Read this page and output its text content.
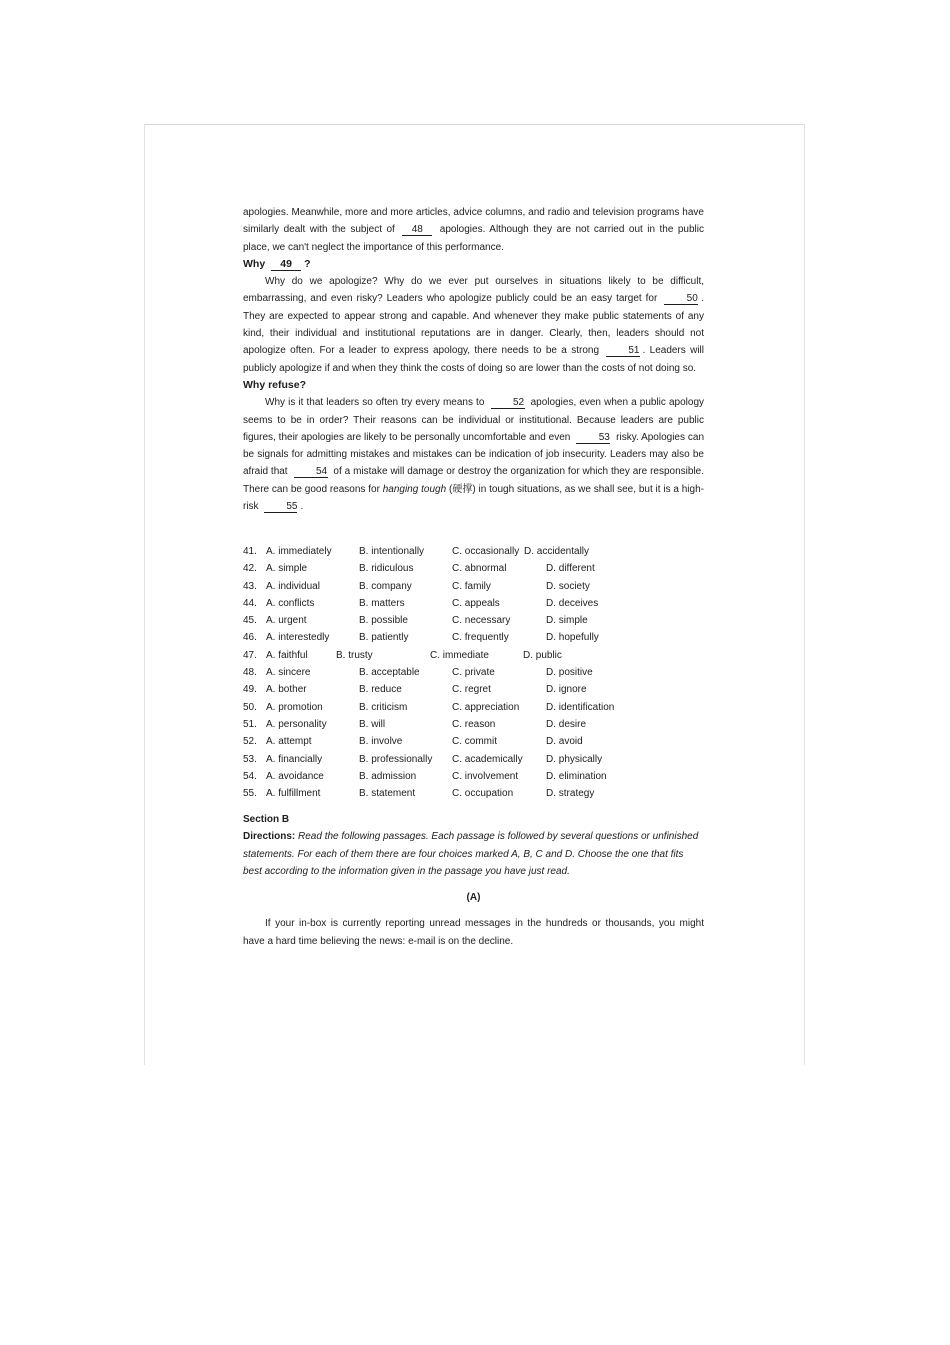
apologies. Meanwhile, more and more articles, advice columns, and radio and television programs have similarly dealt with the subject of 48 apologies. Although they are not carried out in the public place, we can't neglect the importance of this performance.

Why 49 ?

Why do we apologize? Why do we ever put ourselves in situations likely to be difficult, embarrassing, and even risky? Leaders who apologize publicly could be an easy target for	50 . They are expected to appear strong and capable. And whenever they make public statements of any kind, their individual and institutional reputations are in danger. Clearly, then, leaders should not apologize often. For a leader to express apology, there needs to be a strong	51 . Leaders will publicly apologize if and when they think the costs of doing so are lower than the costs of not doing so.

Why refuse?

Why is it that leaders so often try every means to	52 apologies, even when a public apology seems to be in order? Their reasons can be individual or institutional. Because leaders are public figures, their apologies are likely to be personally uncomfortable and even	53 risky. Apologies can be signals for admitting mistakes and mistakes can be indication of job insecurity. Leaders may also be afraid that	54 of a mistake will damage or destroy the organization for which they are responsible. There can be good reasons for hanging tough (硬撑) in tough situations, as we shall see, but it is a high-risk	55 .

41. A. immediately	B. intentionally	C. occasionally D. accidentally
42. A. simple	B. ridiculous	C. abnormal	D. different
43. A. individual	B. company	C. family	D. society
44. A. conflicts	B. matters	C. appeals	D. deceives
45. A. urgent	B. possible	C. necessary	D. simple
46. A. interestedly	B. patiently	C. frequently	D. hopefully
47. A. faithful	B. trusty	C. immediate	D. public
48. A. sincere	B. acceptable	C. private	D. positive
49. A. bother	B. reduce	C. regret	D. ignore
50. A. promotion	B. criticism	C. appreciation	D. identification
51. A. personality	B. will	C. reason	D. desire
52. A. attempt	B. involve	C. commit	D. avoid
53. A. financially	B. professionally C. academically D. physically
54. A. avoidance	B. admission	C. involvement	D. elimination
55. A. fulfillment	B. statement	C. occupation	D. strategy

Section B

Directions: Read the following passages. Each passage is followed by several questions or unfinished statements. For each of them there are four choices marked A, B, C and D. Choose the one that fits best according to the information given in the passage you have just read.

(A)

If your in-box is currently reporting unread messages in the hundreds or thousands, you might have a hard time believing the news: e-mail is on the decline.
